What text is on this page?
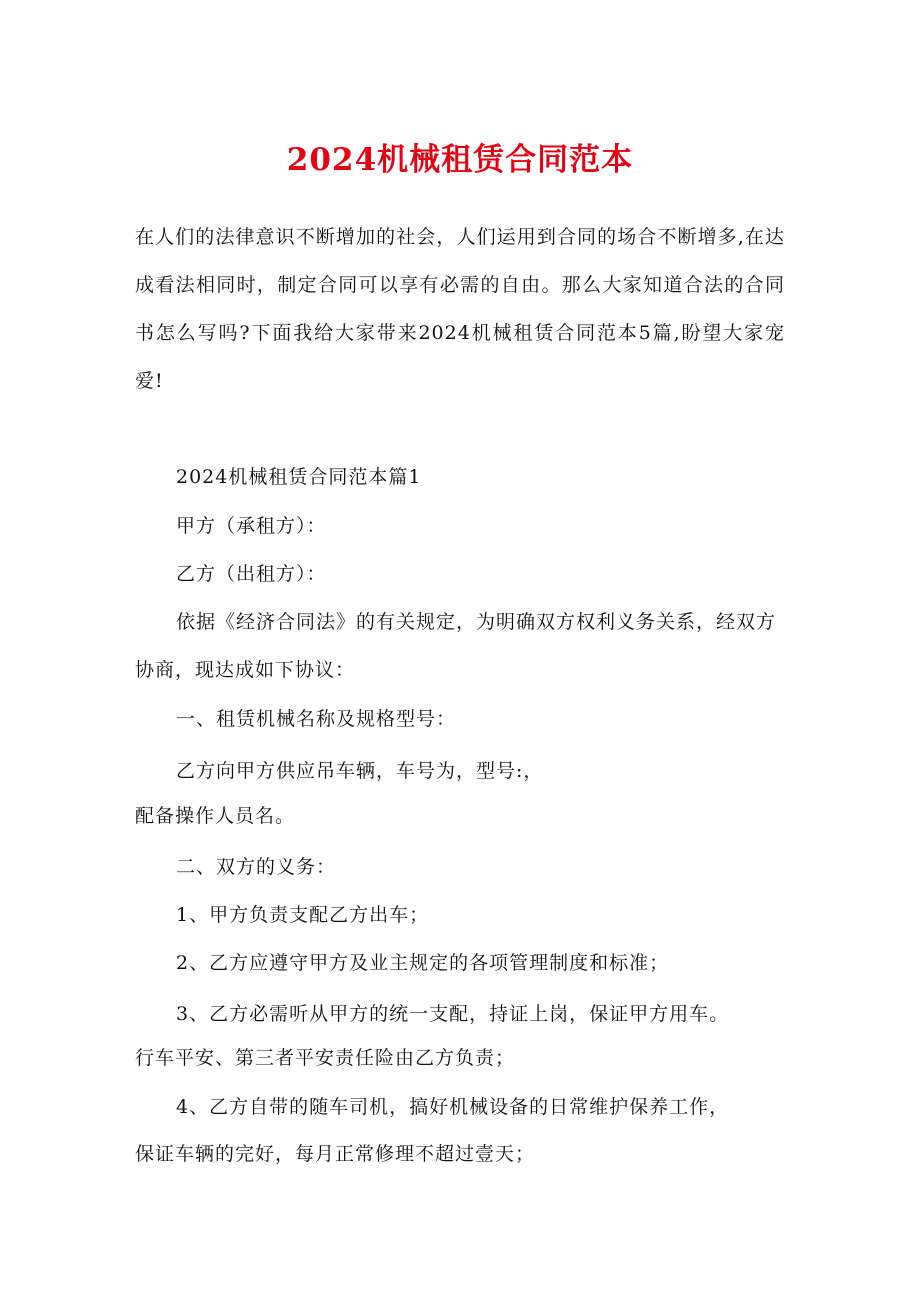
2024机械租赁合同范本
在人们的法律意识不断增加的社会，人们运用到合同的场合不断增多,在达成看法相同时，制定合同可以享有必需的自由。那么大家知道合法的合同书怎么写吗?下面我给大家带来2024机械租赁合同范本5篇,盼望大家宠爱!
2024机械租赁合同范本篇1
甲方（承租方）：
乙方（出租方）：
依据《经济合同法》的有关规定，为明确双方权利义务关系，经双方
协商，现达成如下协议：
一、租赁机械名称及规格型号：
乙方向甲方供应吊车辆，车号为，型号:，
配备操作人员名。
二、双方的义务：
1、甲方负责支配乙方出车；
2、乙方应遵守甲方及业主规定的各项管理制度和标准；
3、乙方必需听从甲方的统一支配，持证上岗，保证甲方用车。
行车平安、第三者平安责任险由乙方负责；
4、乙方自带的随车司机，搞好机械设备的日常维护保养工作，
保证车辆的完好，每月正常修理不超过壹天；
